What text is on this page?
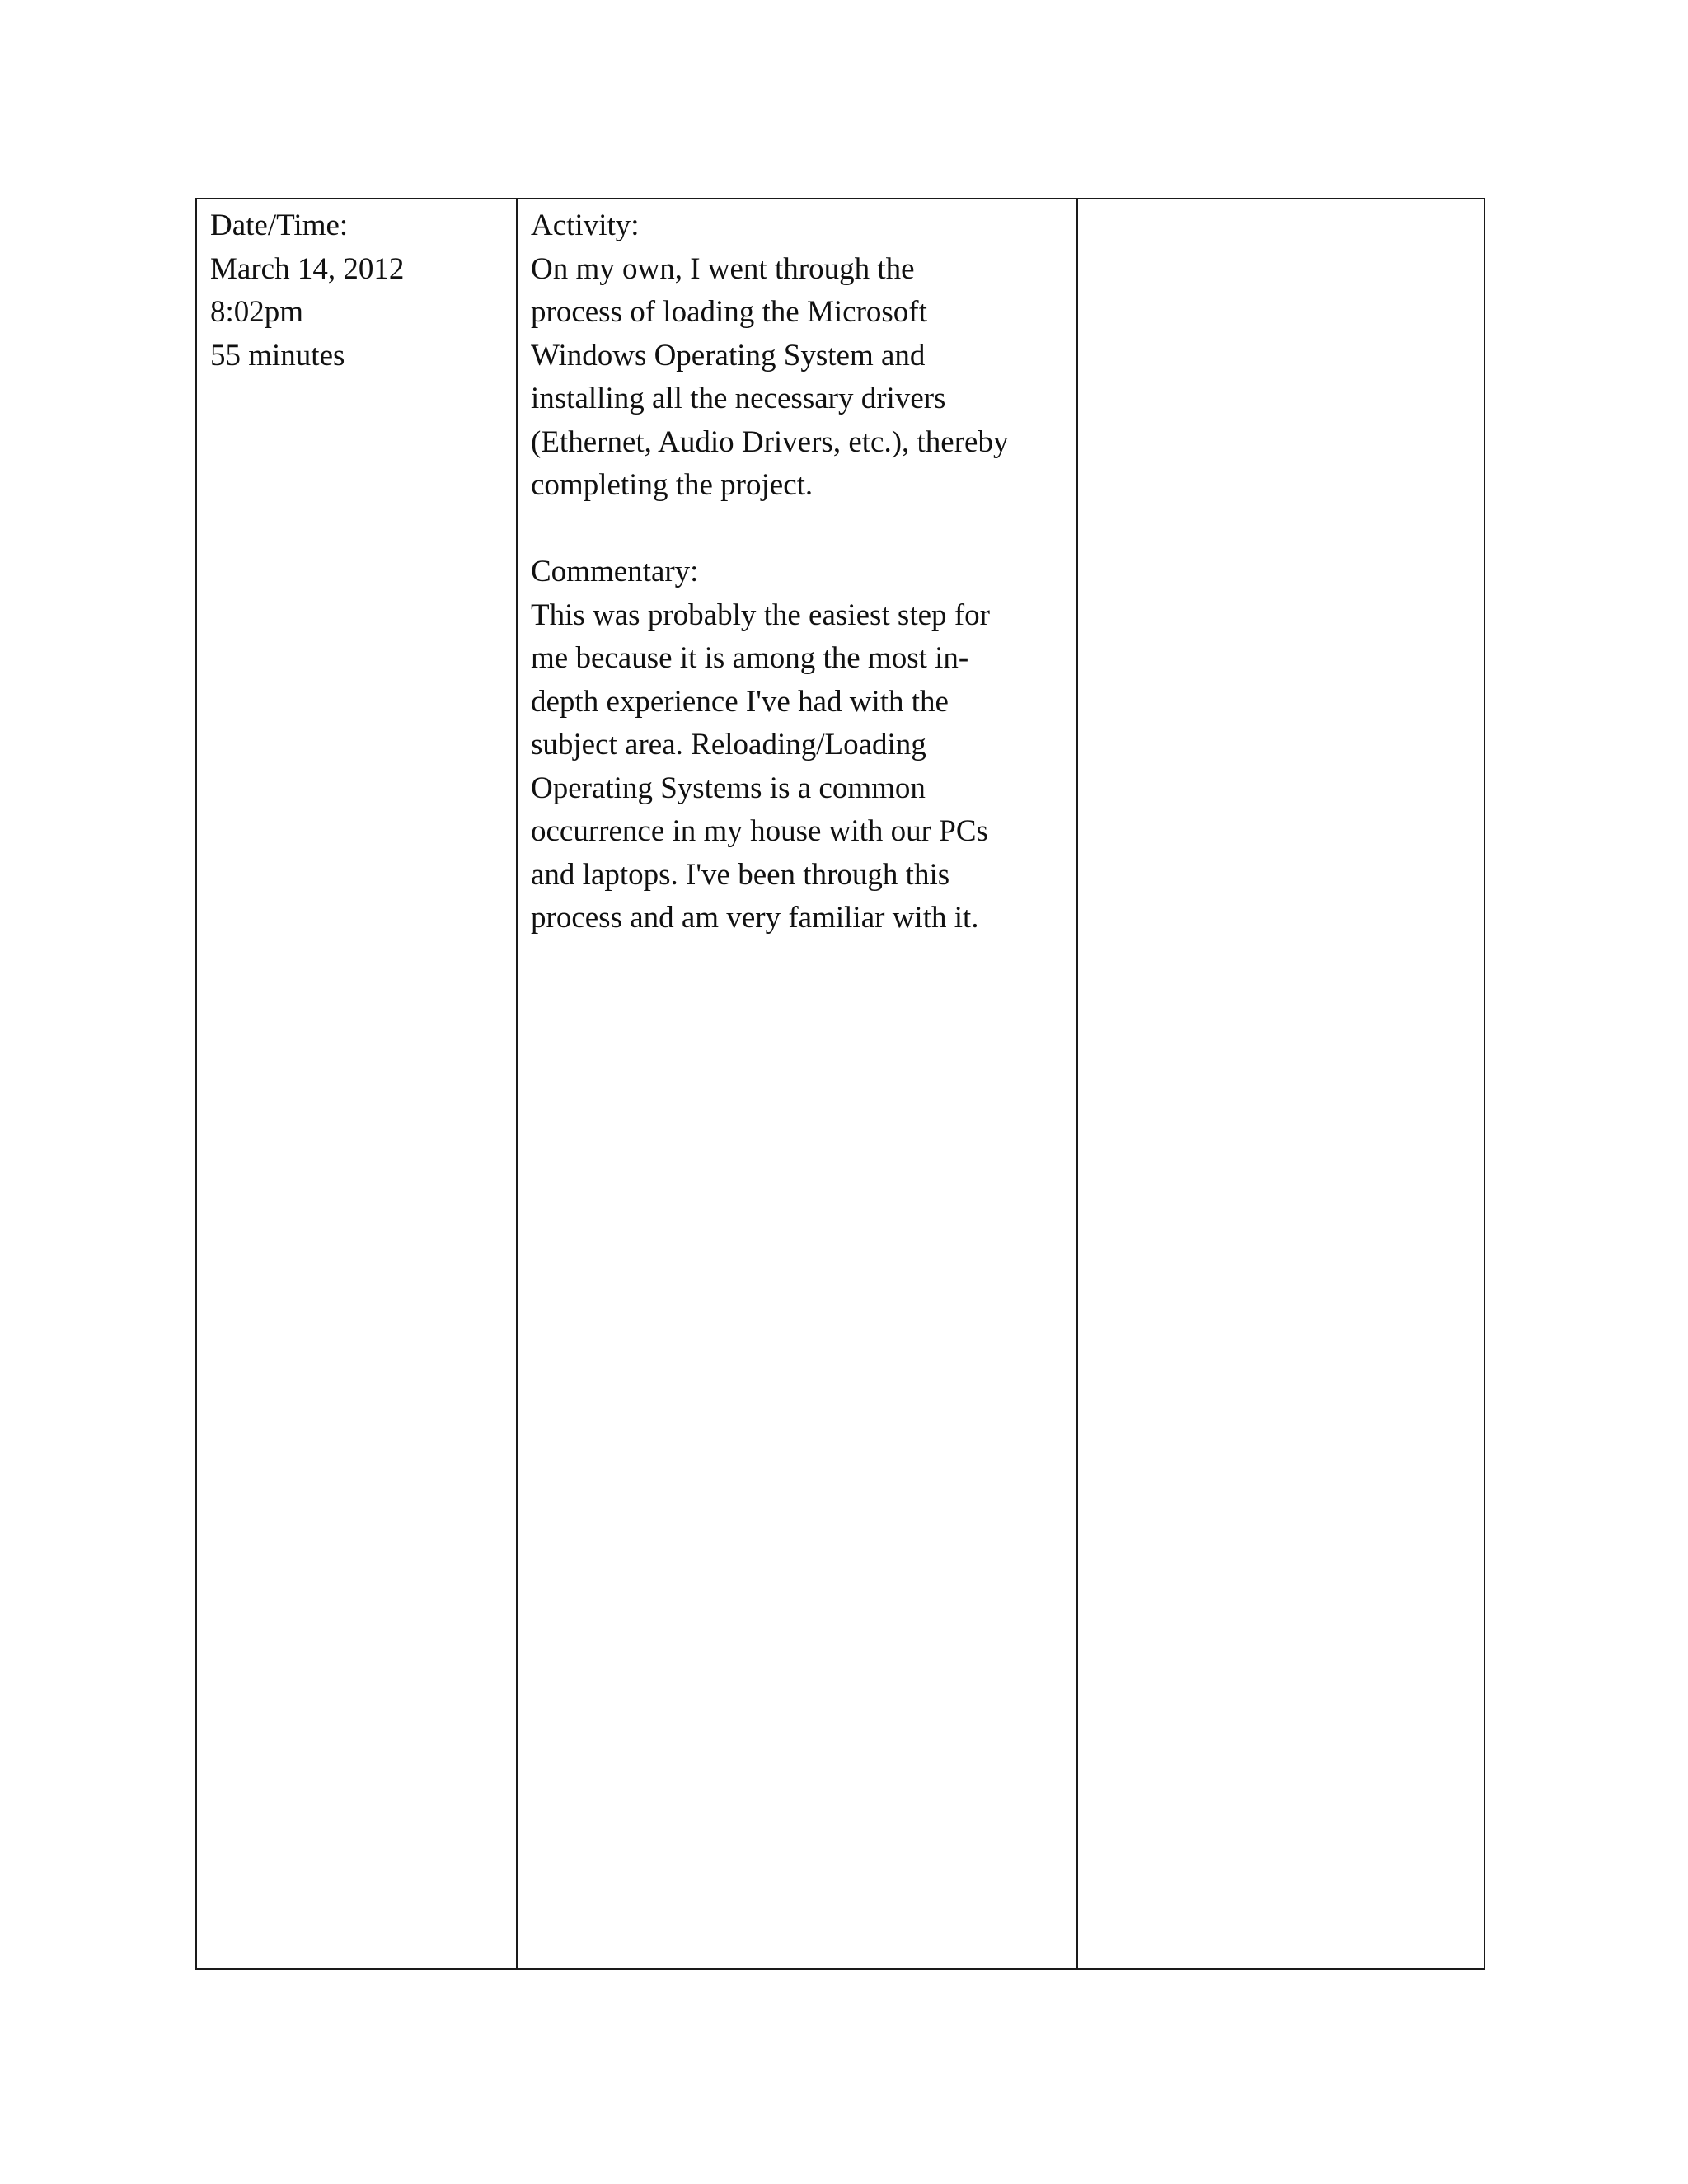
Date/Time:
March 14, 2012
8:02pm
55 minutes
Activity:
On my own, I went through the
process of loading the Microsoft
Windows Operating System and
installing all the necessary drivers
(Ethernet, Audio Drivers, etc.), thereby
completing the project.
Commentary:
This was probably the easiest step for
me because it is among the most in-
depth experience I've had with the
subject area. Reloading/Loading
Operating Systems is a common
occurrence in my house with our PCs
and laptops. I've been through this
process and am very familiar with it.
